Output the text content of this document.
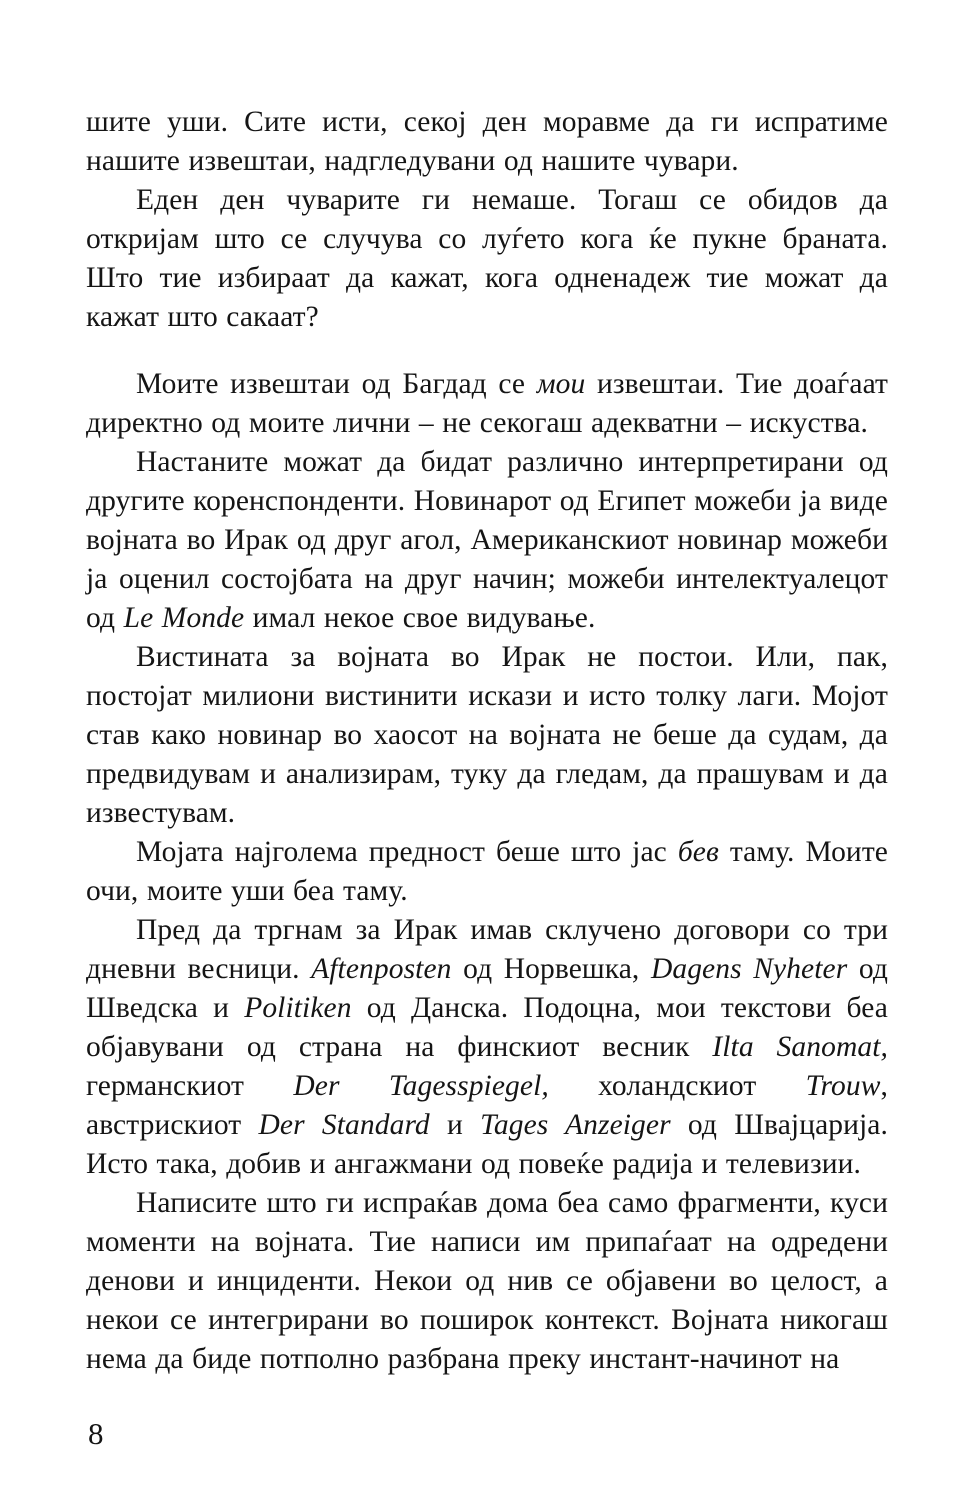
шите уши. Сите исти, секој ден моравме да ги испратиме нашите извештаи, надгледувани од нашите чувари.

Еден ден чуварите ги немаше. Тогаш се обидов да откријам што се случува со луѓето кога ќе пукне браната. Што тие избираат да кажат, кога одненадеж тие можат да кажат што сакаат?

Моите извештаи од Багдад се мои извештаи. Тие доаѓаат директно од моите лични – не секогаш адекватни – искуства.

Настаните можат да бидат различно интерпретирани од другите коренспонденти. Новинарот од Египет можеби ја виде војната во Ирак од друг агол, Американскиот новинар можеби ја оценил состојбата на друг начин; можеби интелектуалецот од Le Monde имал некое свое видување.

Вистината за војната во Ирак не постои. Или, пак, постојат милиони вистинити искази и исто толку лаги. Мојот став како новинар во хаосот на војната не беше да судам, да предвидувам и анализирам, туку да гледам, да прашувам и да известувам.

Мојата најголема предност беше што јас бев таму. Моите очи, моите уши беа таму.

Пред да тргнам за Ирак имав склучено договори со три дневни весници. Aftenposten од Норвешка, Dagens Nyheter од Шведска и Politiken од Данска. Подоцна, мои текстови беа објавувани од страна на финскиот весник Ilta Sanomat, германскиот Der Tagesspiegel, холандскиот Trouw, австрискиот Der Standard и Tages Anzeiger од Швајцарија. Исто така, добив и ангажмани од повеќе радија и телевизии.

Написите што ги испраќав дома беа само фрагменти, куси моменти на војната. Тие написи им припаѓаат на одредени денови и инциденти. Некои од нив се објавени во целост, а некои се интегрирани во поширок контекст. Војната никогаш нема да биде потполно разбрана преку инстант-начинот на

8
